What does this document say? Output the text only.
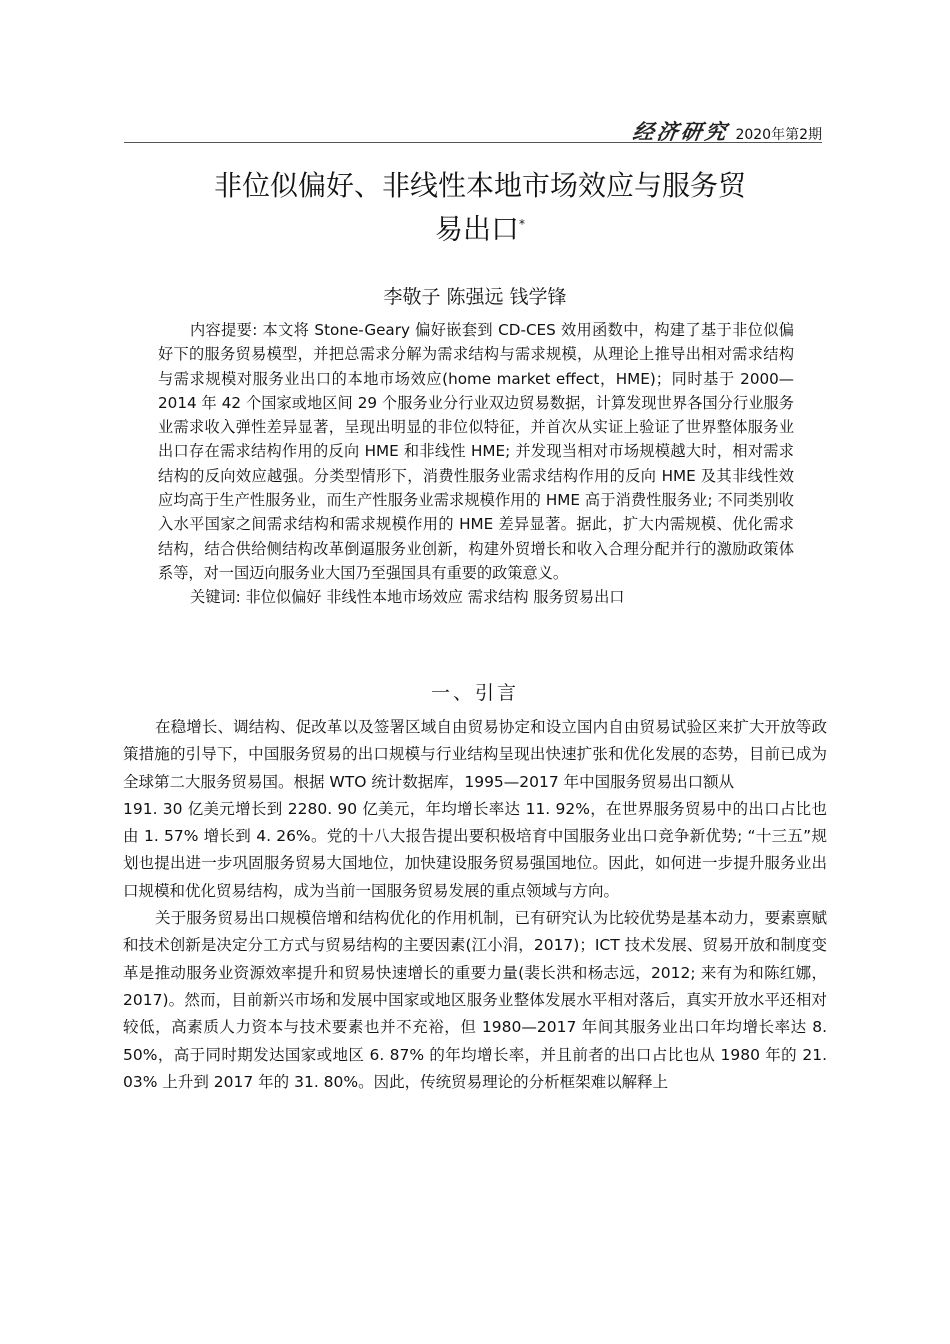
经济研究 2020年第2期
非位似偏好、非线性本地市场效应与服务贸
易出口*
李敬子 陈强远 钱学锋

内容提要: 本文将 Stone-Geary 偏好嵌套到 CD-CES 效用函数中，构建了基于非位似偏好下的服务贸易模型，并把总需求分解为需求结构与需求规模，从理论上推导出相对需求结构与需求规模对服务业出口的本地市场效应(home market effect，HME)；同时基于 2000—2014 年 42 个国家或地区间 29 个服务业分行业双边贸易数据，计算发现世界各国分行业服务业需求收入弹性差异显著，呈现出明显的非位似特征，并首次从实证上验证了世界整体服务业出口存在需求结构作用的反向 HME 和非线性 HME; 并发现当相对市场规模越大时，相对需求结构的反向效应越强。分类型情形下，消费性服务业需求结构作用的反向 HME 及其非线性效应均高于生产性服务业，而生产性服务业需求规模作用的 HME 高于消费性服务业; 不同类别收入水平国家之间需求结构和需求规模作用的 HME 差异显著。据此，扩大内需规模、优化需求结构，结合供给侧结构改革倒逼服务业创新，构建外贸增长和收入合理分配并行的激励政策体系等，对一国迈向服务业大国乃至强国具有重要的政策意义。

关键词: 非位似偏好 非线性本地市场效应 需求结构 服务贸易出口

一、引言

在稳增长、调结构、促改革以及签署区域自由贸易协定和设立国内自由贸易试验区来扩大开放等政策措施的引导下，中国服务贸易的出口规模与行业结构呈现出快速扩张和优化发展的态势，目前已成为全球第二大服务贸易国。根据 WTO 统计数据库，1995—2017 年中国服务贸易出口额从

191. 30 亿美元增长到 2280. 90 亿美元，年均增长率达 11. 92%，在世界服务贸易中的出口占比也由 1. 57% 增长到 4. 26%。党的十八大报告提出要积极培育中国服务业出口竞争新优势; “十三五”规划也提出进一步巩固服务贸易大国地位，加快建设服务贸易强国地位。因此，如何进一步提升服务业出口规模和优化贸易结构，成为当前一国服务贸易发展的重点领域与方向。

关于服务贸易出口规模倍增和结构优化的作用机制，已有研究认为比较优势是基本动力，要素禀赋和技术创新是决定分工方式与贸易结构的主要因素(江小涓，2017)；ICT 技术发展、贸易开放和制度变革是推动服务业资源效率提升和贸易快速增长的重要力量(裴长洪和杨志远，2012; 来有为和陈红娜，2017)。然而，目前新兴市场和发展中国家或地区服务业整体发展水平相对落后，真实开放水平还相对较低，高素质人力资本与技术要素也并不充裕，但 1980—2017 年间其服务业出口年均增长率达 8. 50%，高于同时期发达国家或地区 6. 87% 的年均增长率，并且前者的出口占比也从 1980 年的 21. 03% 上升到 2017 年的 31. 80%。因此，传统贸易理论的分析框架难以解释上
